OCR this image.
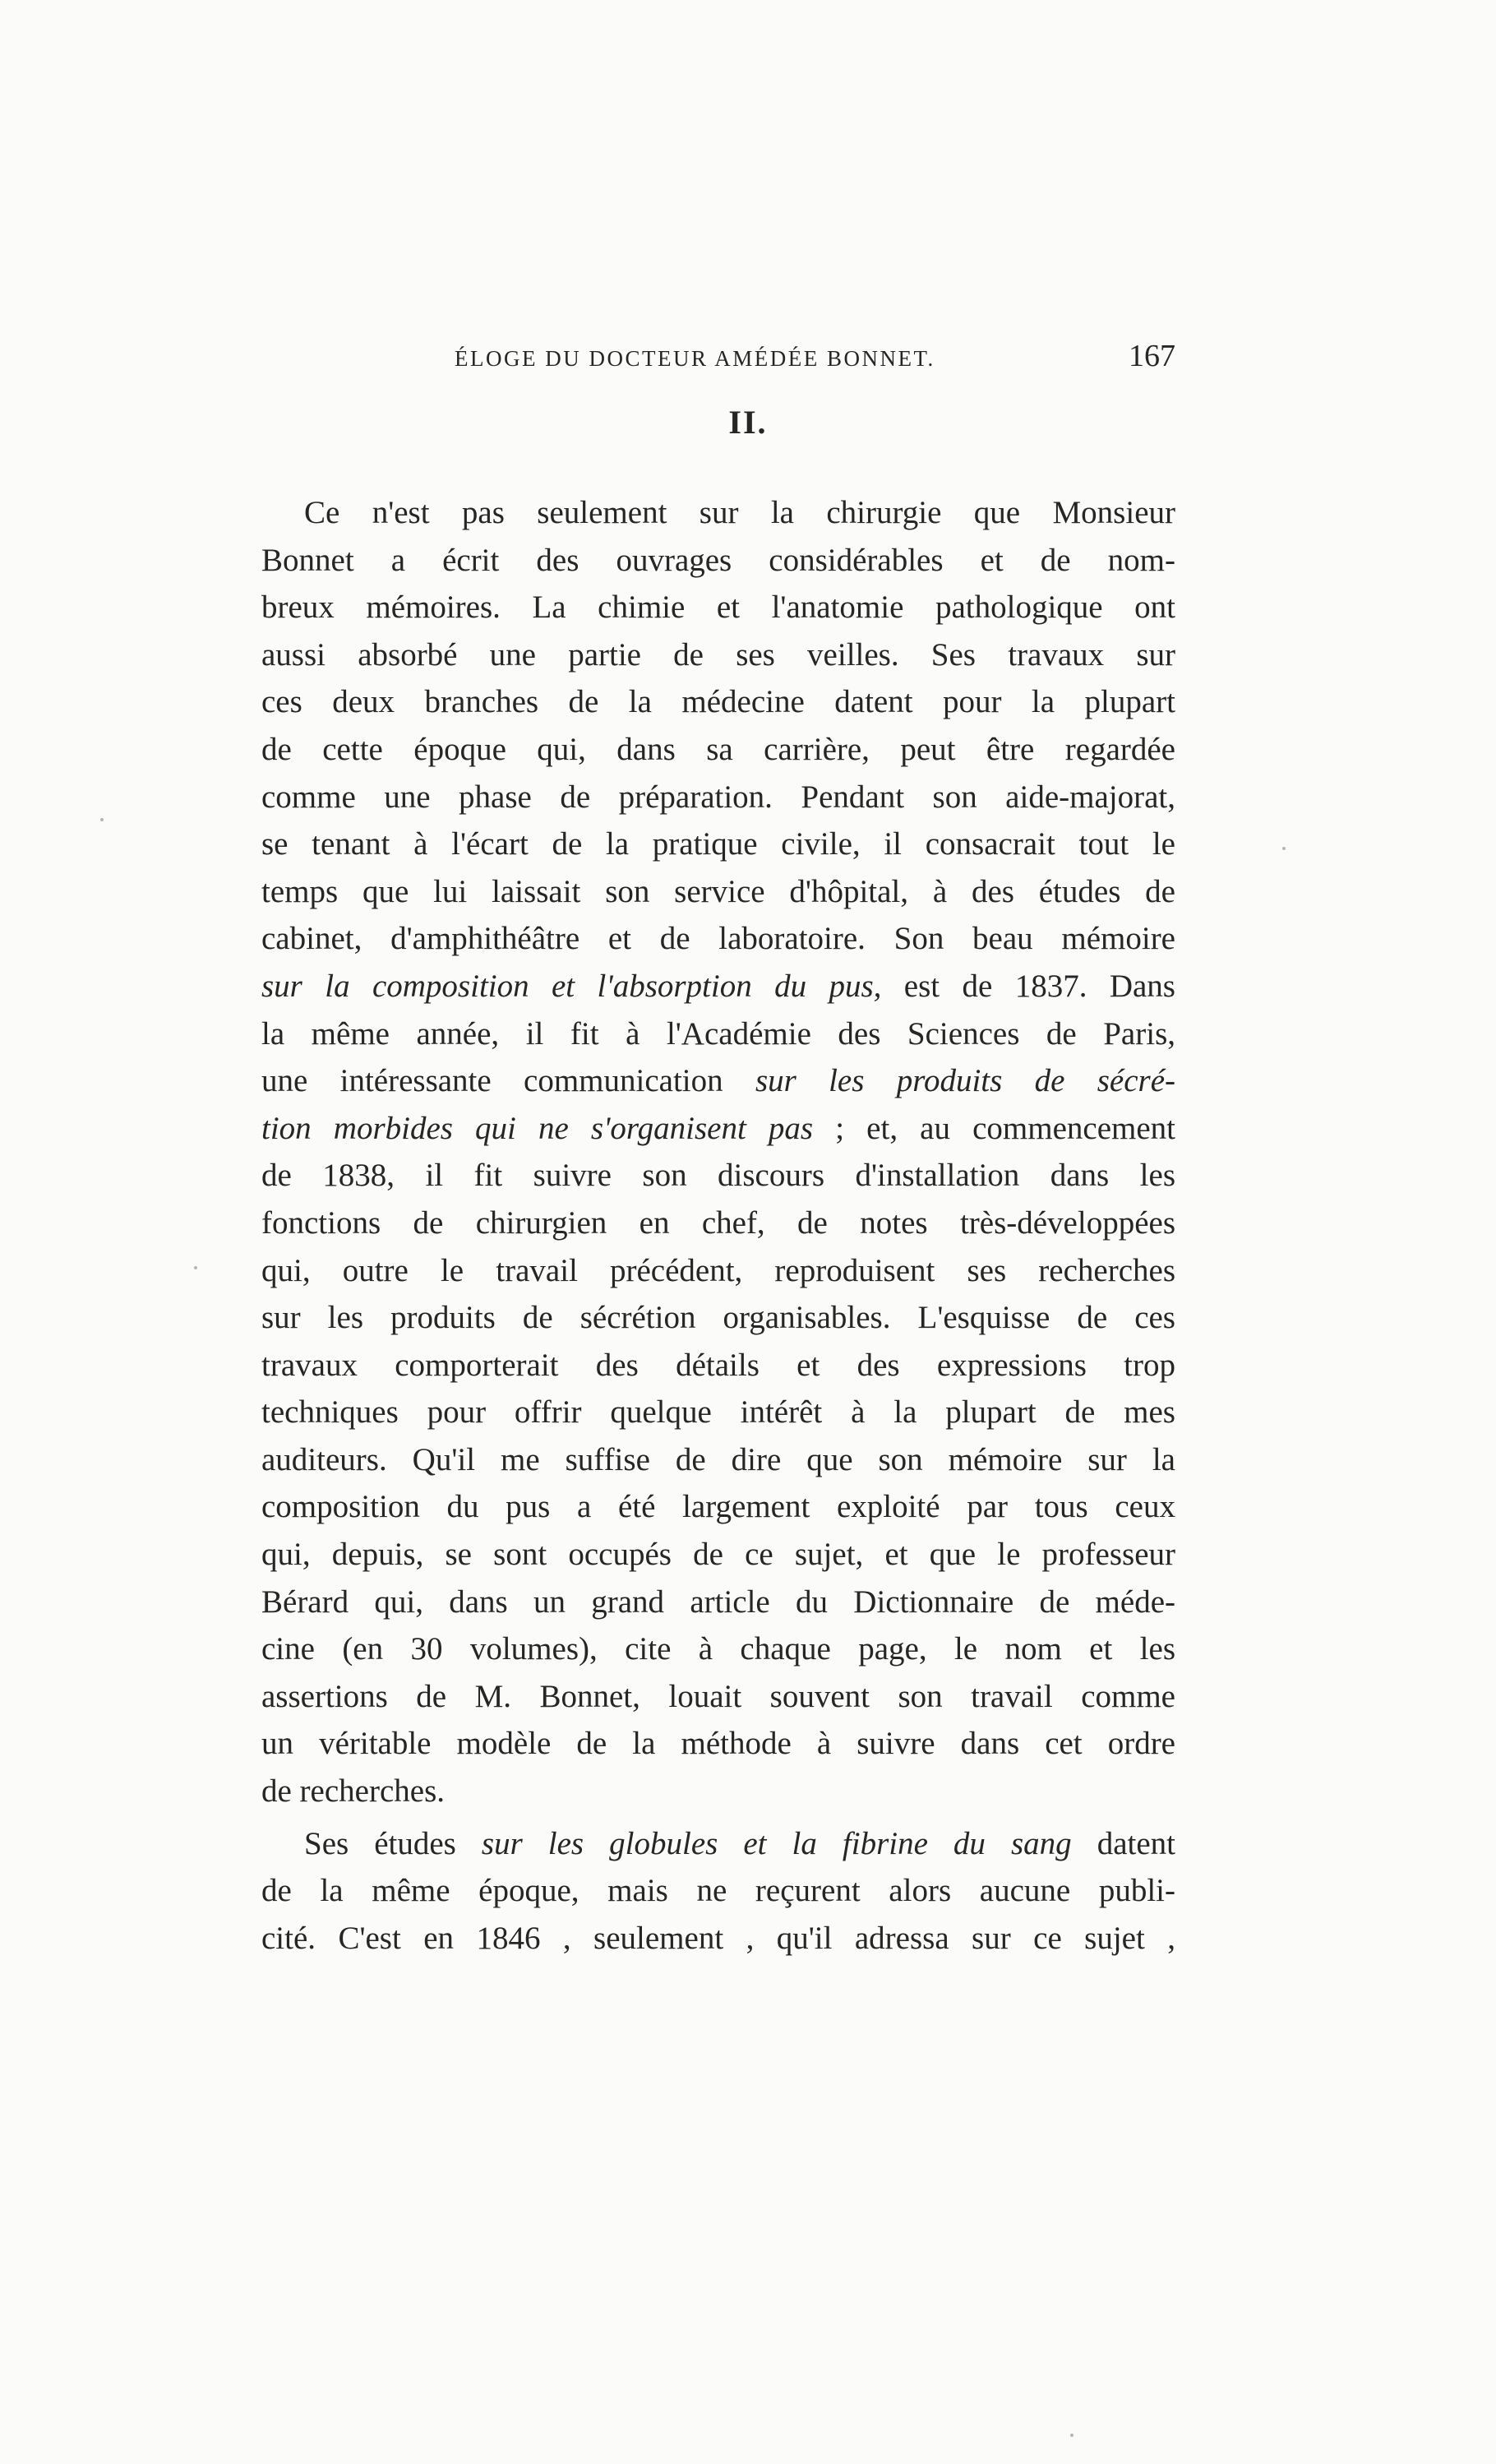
ÉLOGE DU DOCTEUR AMÉDÉE BONNET.	167
II.
Ce n'est pas seulement sur la chirurgie que Monsieur
Bonnet a écrit des ouvrages considérables et de nom-
breux mémoires. La chimie et l'anatomie pathologique ont
aussi absorbé une partie de ses veilles. Ses travaux sur
ces deux branches de la médecine datent pour la plupart
de cette époque qui, dans sa carrière, peut être regardée
comme une phase de préparation. Pendant son aide-majorat,
se tenant à l'écart de la pratique civile, il consacrait tout le
temps que lui laissait son service d'hôpital, à des études de
cabinet, d'amphithéâtre et de laboratoire. Son beau mémoire
sur la composition et l'absorption du pus, est de 1837. Dans
la même année, il fit à l'Académie des Sciences de Paris,
une intéressante communication sur les produits de sécré-
tion morbides qui ne s'organisent pas ; et, au commencement
de 1838, il fit suivre son discours d'installation dans les
fonctions de chirurgien en chef, de notes très-développées
qui, outre le travail précédent, reproduisent ses recherches
sur les produits de sécrétion organisables. L'esquisse de ces
travaux comporterait des détails et des expressions trop
techniques pour offrir quelque intérêt à la plupart de mes
auditeurs. Qu'il me suffise de dire que son mémoire sur la
composition du pus a été largement exploité par tous ceux
qui, depuis, se sont occupés de ce sujet, et que le professeur
Bérard qui, dans un grand article du Dictionnaire de méde-
cine (en 30 volumes), cite à chaque page, le nom et les
assertions de M. Bonnet, louait souvent son travail comme
un véritable modèle de la méthode à suivre dans cet ordre
de recherches.
Ses études sur les globules et la fibrine du sang datent
de la même époque, mais ne reçurent alors aucune publi-
cité. C'est en 1846 , seulement , qu'il adressa sur ce sujet ,
